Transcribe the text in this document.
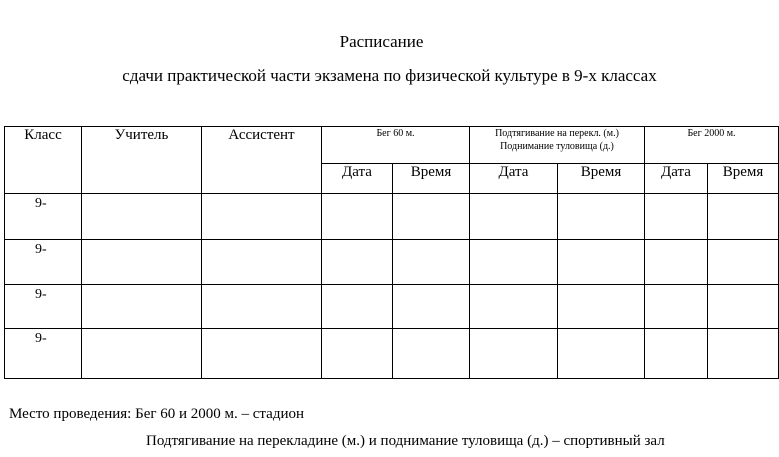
Расписание
сдачи практической части экзамена по физической культуре в 9-х классах
Класс	Учитель	Ассистент	Бег 60 м.		Подтягивание на перекл. (м.) Поднимание туловища (д.)		Бег 2000 м.	
			Дата	Время	Дата	Время	Дата	Время
9-								
9-								
9-								
9-								
Место проведения: Бег 60 и 2000 м. – стадион
Подтягивание на перекладине (м.) и поднимание туловища (д.) – спортивный зал
